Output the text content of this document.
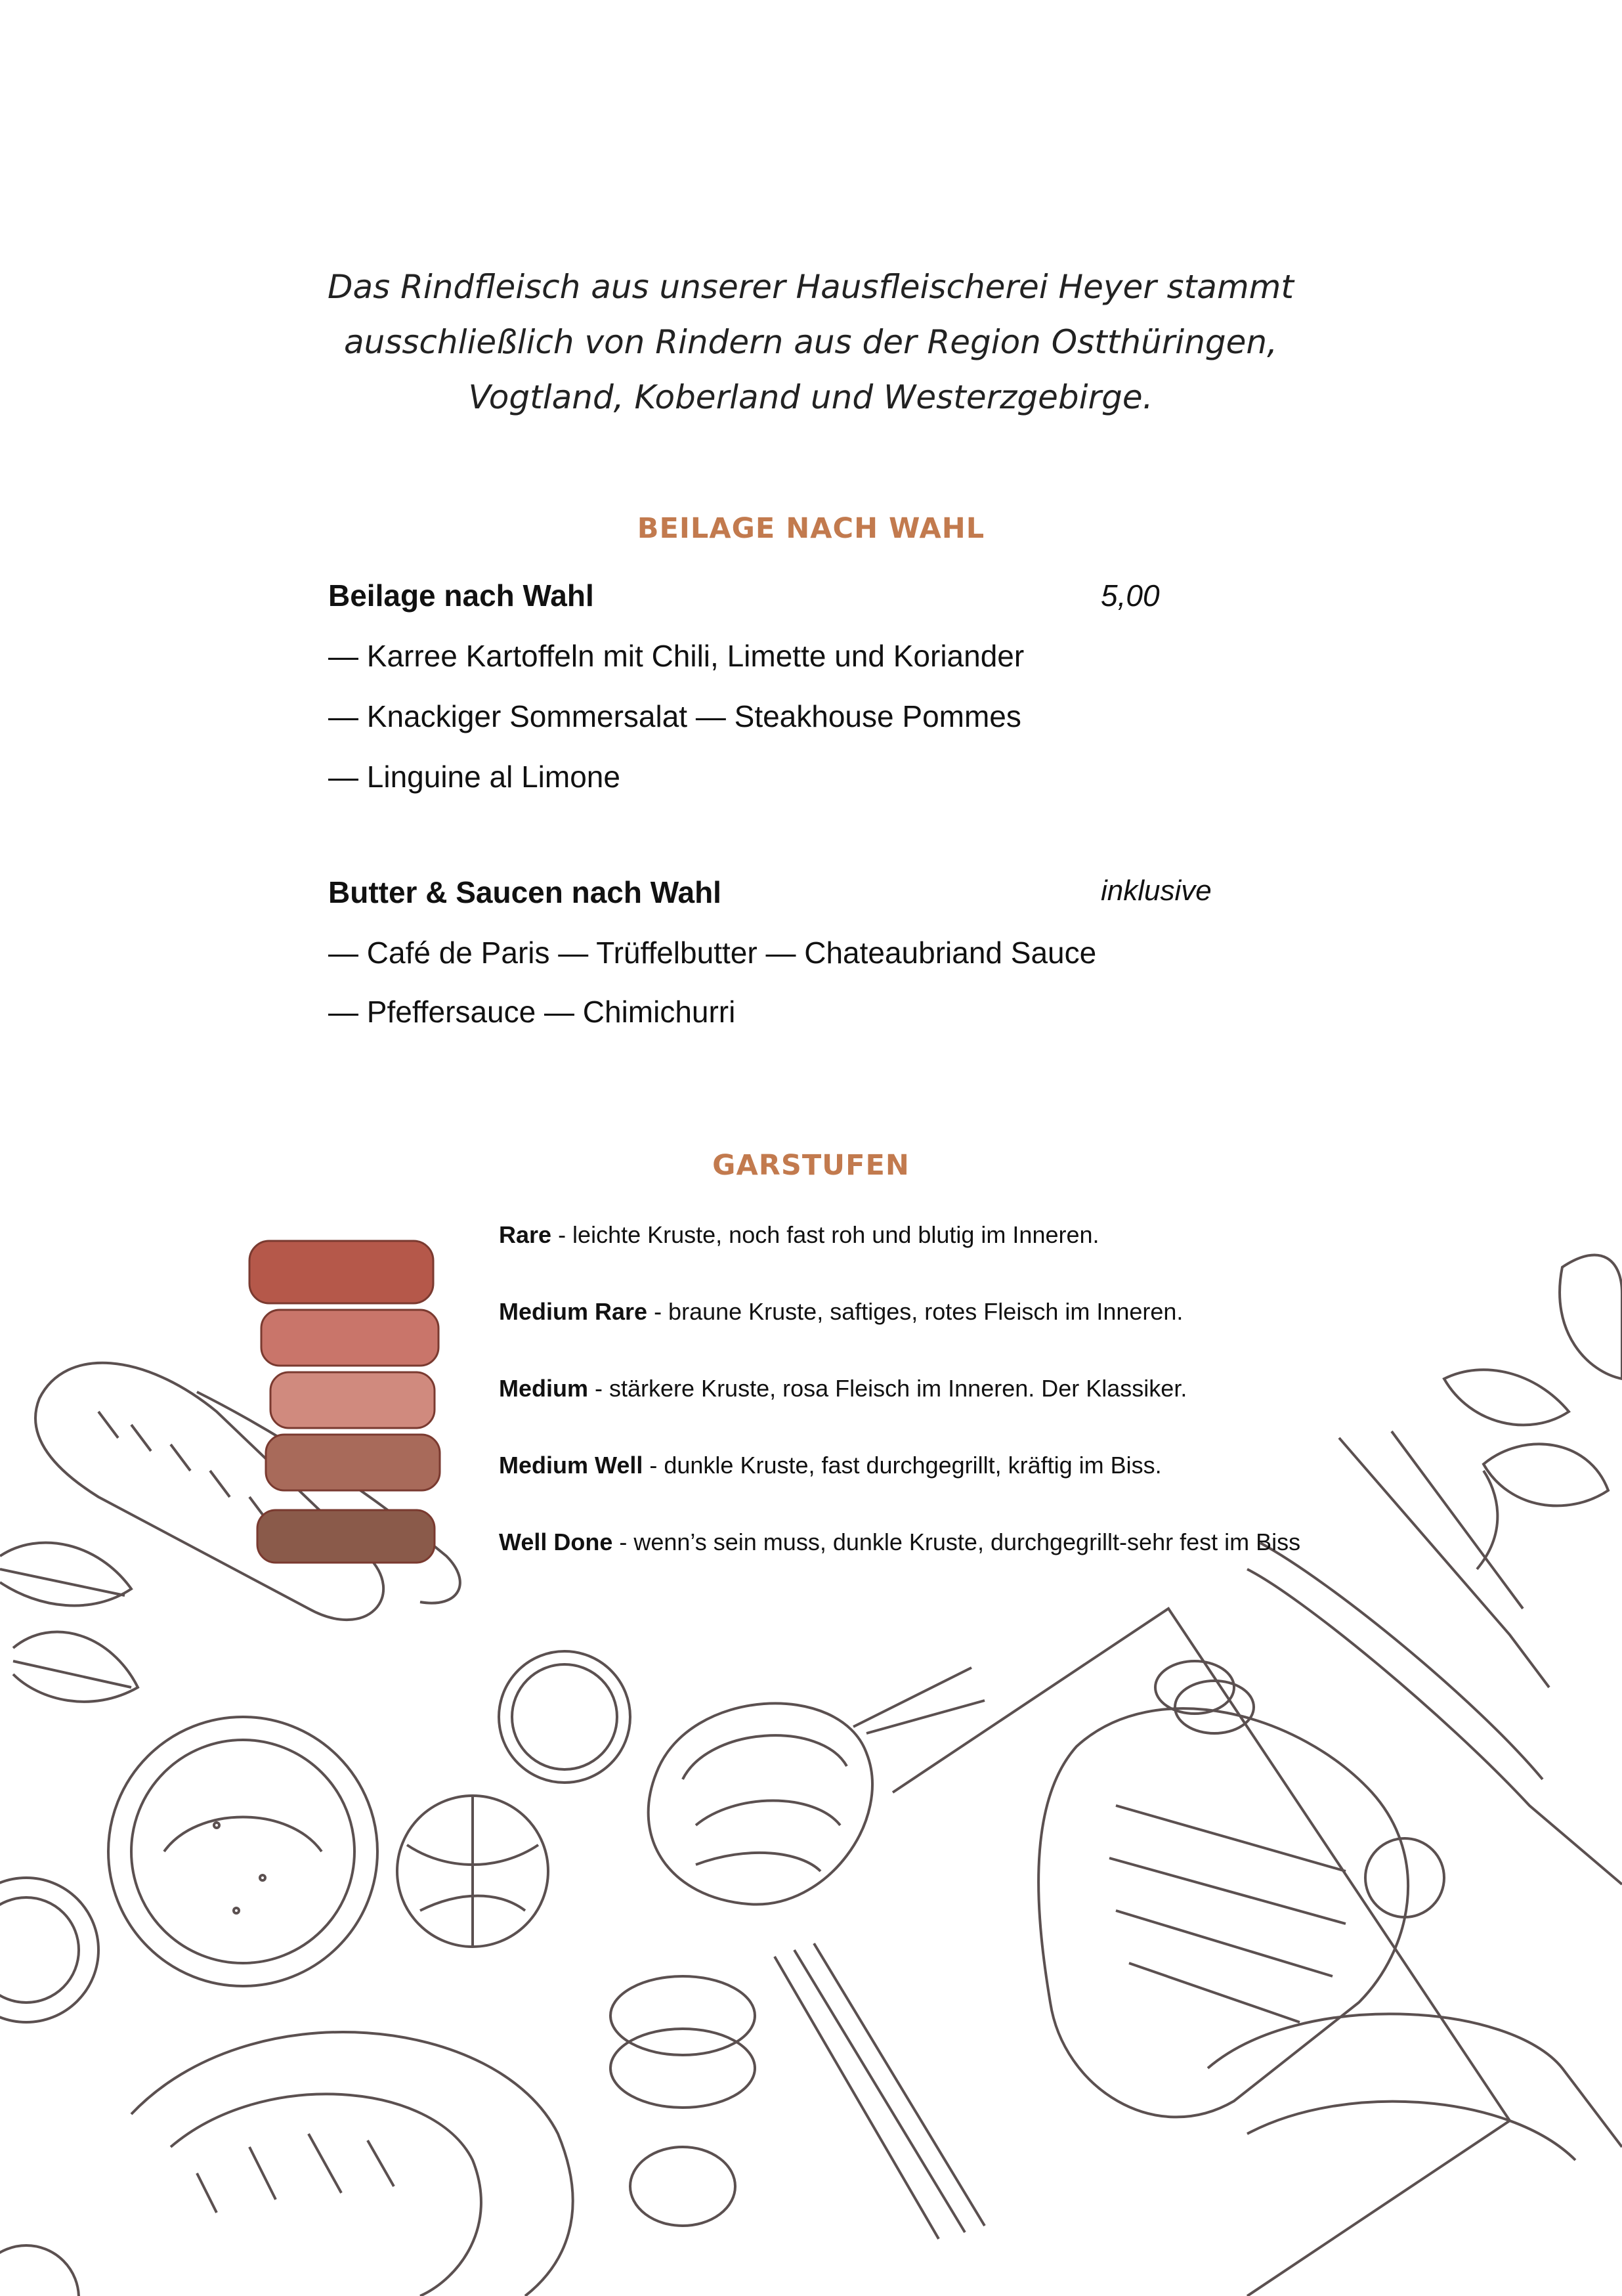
Das Rindfleisch aus unserer Hausfleischerei Heyer stammt
ausschließlich von Rindern aus der Region Ostthüringen,
Vogtland, Koberland und Westerzgebirge.
BEILAGE NACH WAHL
Beilage nach Wahl	5,00
— Karree Kartoffeln mit Chili, Limette und Koriander
— Knackiger Sommersalat — Steakhouse Pommes
— Linguine al Limone
Butter & Saucen nach Wahl	inklusive
— Café de Paris — Trüffelbutter — Chateaubriand Sauce
— Pfeffersauce — Chimichurri
GARSTUFEN
Rare - leichte Kruste, noch fast roh und blutig im Inneren.
Medium Rare - braune Kruste, saftiges, rotes Fleisch im Inneren.
Medium - stärkere Kruste, rosa Fleisch im Inneren. Der Klassiker.
Medium Well - dunkle Kruste, fast durchgegrillt, kräftig im Biss.
Well Done - wenn’s sein muss, dunkle Kruste, durchgegrillt-sehr fest im Biss
